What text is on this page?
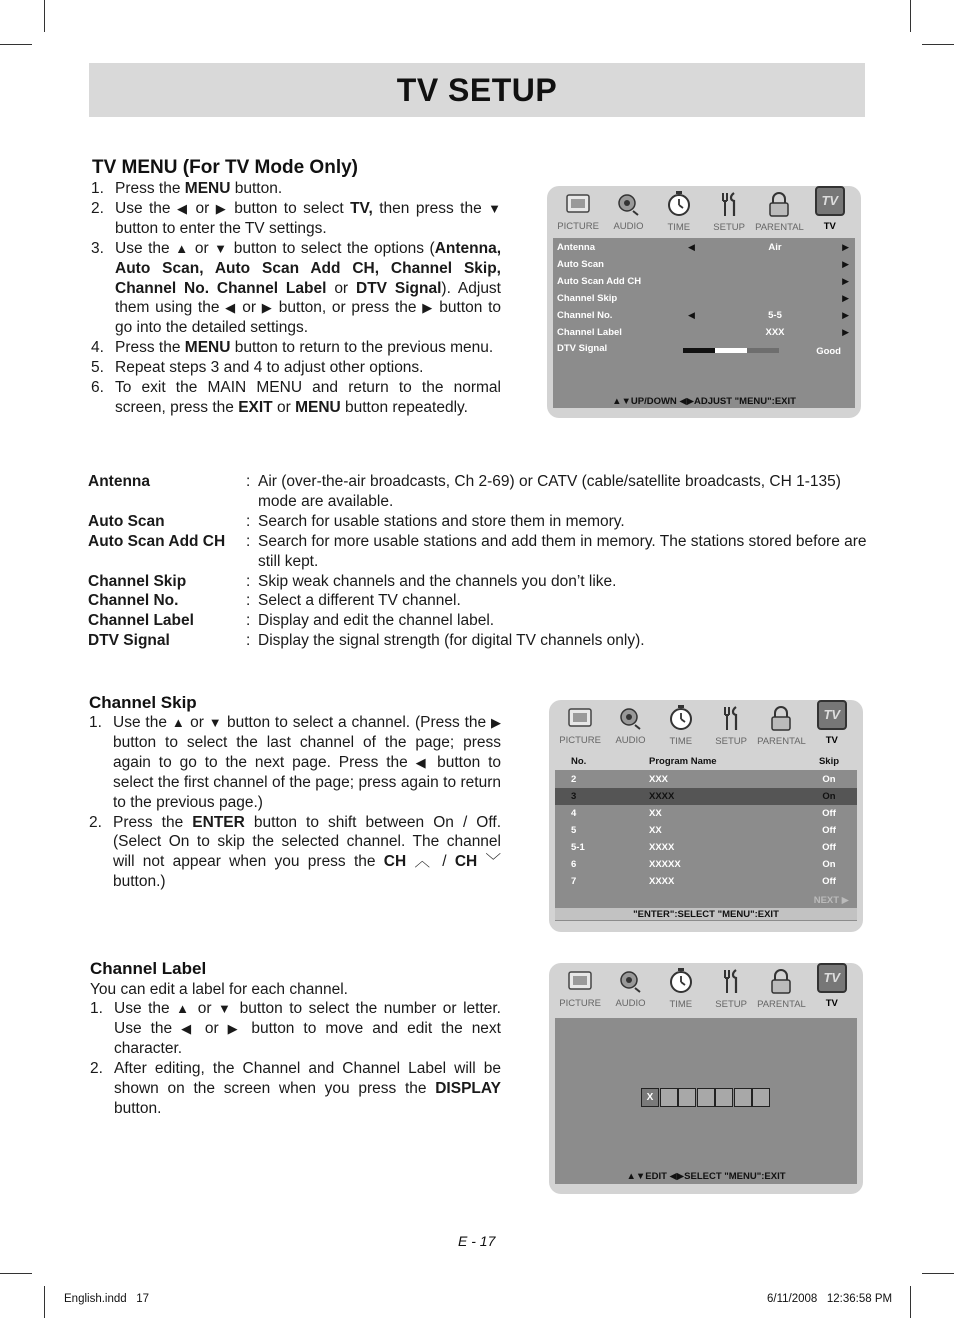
TV SETUP
TV MENU (For TV Mode Only)
1. Press the MENU button.
2. Use the ◀ or ▶ button to select TV, then press the ▼ button to enter the TV settings.
3. Use the ▲ or ▼ button to select the options (Antenna, Auto Scan, Auto Scan Add CH, Channel Skip, Channel No. Channel Label or DTV Signal). Adjust them using the ◀ or ▶ button, or press the ▶ button to go into the detailed settings.
4. Press the MENU button to return to the previous menu.
5. Repeat steps 3 and 4 to adjust other options.
6. To exit the MAIN MENU and return to the normal screen, press the EXIT or MENU button repeatedly.
PICTURE AUDIO	TIME SETUP PARENTAL
TV
TV
Antenna	◀	Air	▶
Auto Scan	▶
Auto Scan Add CH	▶
Channel Skip	▶
Channel No.	◀	5-5	▶
Channel Label	XXX	▶
DTV Signal	Good
▲▼UP/DOWN ◀▶ADJUST "MENU":EXIT
Antenna	: Air (over-the-air broadcasts, Ch 2-69) or CATV (cable/satellite broadcasts, CH 1-135) mode are available.
Auto Scan	: Search for usable stations and store them in memory.
Auto Scan Add CH	: Search for more usable stations and add them in memory. The stations stored before are still kept.
Channel Skip	: Skip weak channels and the channels you don’t like.
Channel No.	: Select a different TV channel.
Channel Label	: Display and edit the channel label.
DTV Signal	: Display the signal strength (for digital TV channels only).
Channel Skip
1. Use the ▲ or ▼ button to select a channel. (Press the ▶ button to select the last channel of the page; press again to go to the next page. Press the ◀ button to select the first channel of the page; press again to return to the previous page.)
2. Press the ENTER button to shift between On / Off. (Select On to skip the selected channel. The channel will not appear when you press the CH ︿ / CH ﹀ button.)
PICTURE AUDIO	TIME SETUP PARENTAL
TV
TV
No.	Program Name	Skip
2	XXX	On
3	XXXX	On
4	XX	Off
5	XX	Off
5-1	XXXX	Off
6	XXXXX	On
7	XXXX	Off
NEXT ▶
"ENTER":SELECT "MENU":EXIT
Channel Label

You can edit a label for each channel.

1. Use the ▲ or ▼ button to select the number or letter. Use the ◀ or ▶ button to move and edit the next character.
2. After editing, the Channel and Channel Label will be shown on the screen when you press the DISPLAY button.
PICTURE AUDIO	TIME SETUP PARENTAL
TV
TV
X
▲▼EDIT ◀▶SELECT "MENU":EXIT
E - 17
English.indd   17	6/11/2008   12:36:58 PM
